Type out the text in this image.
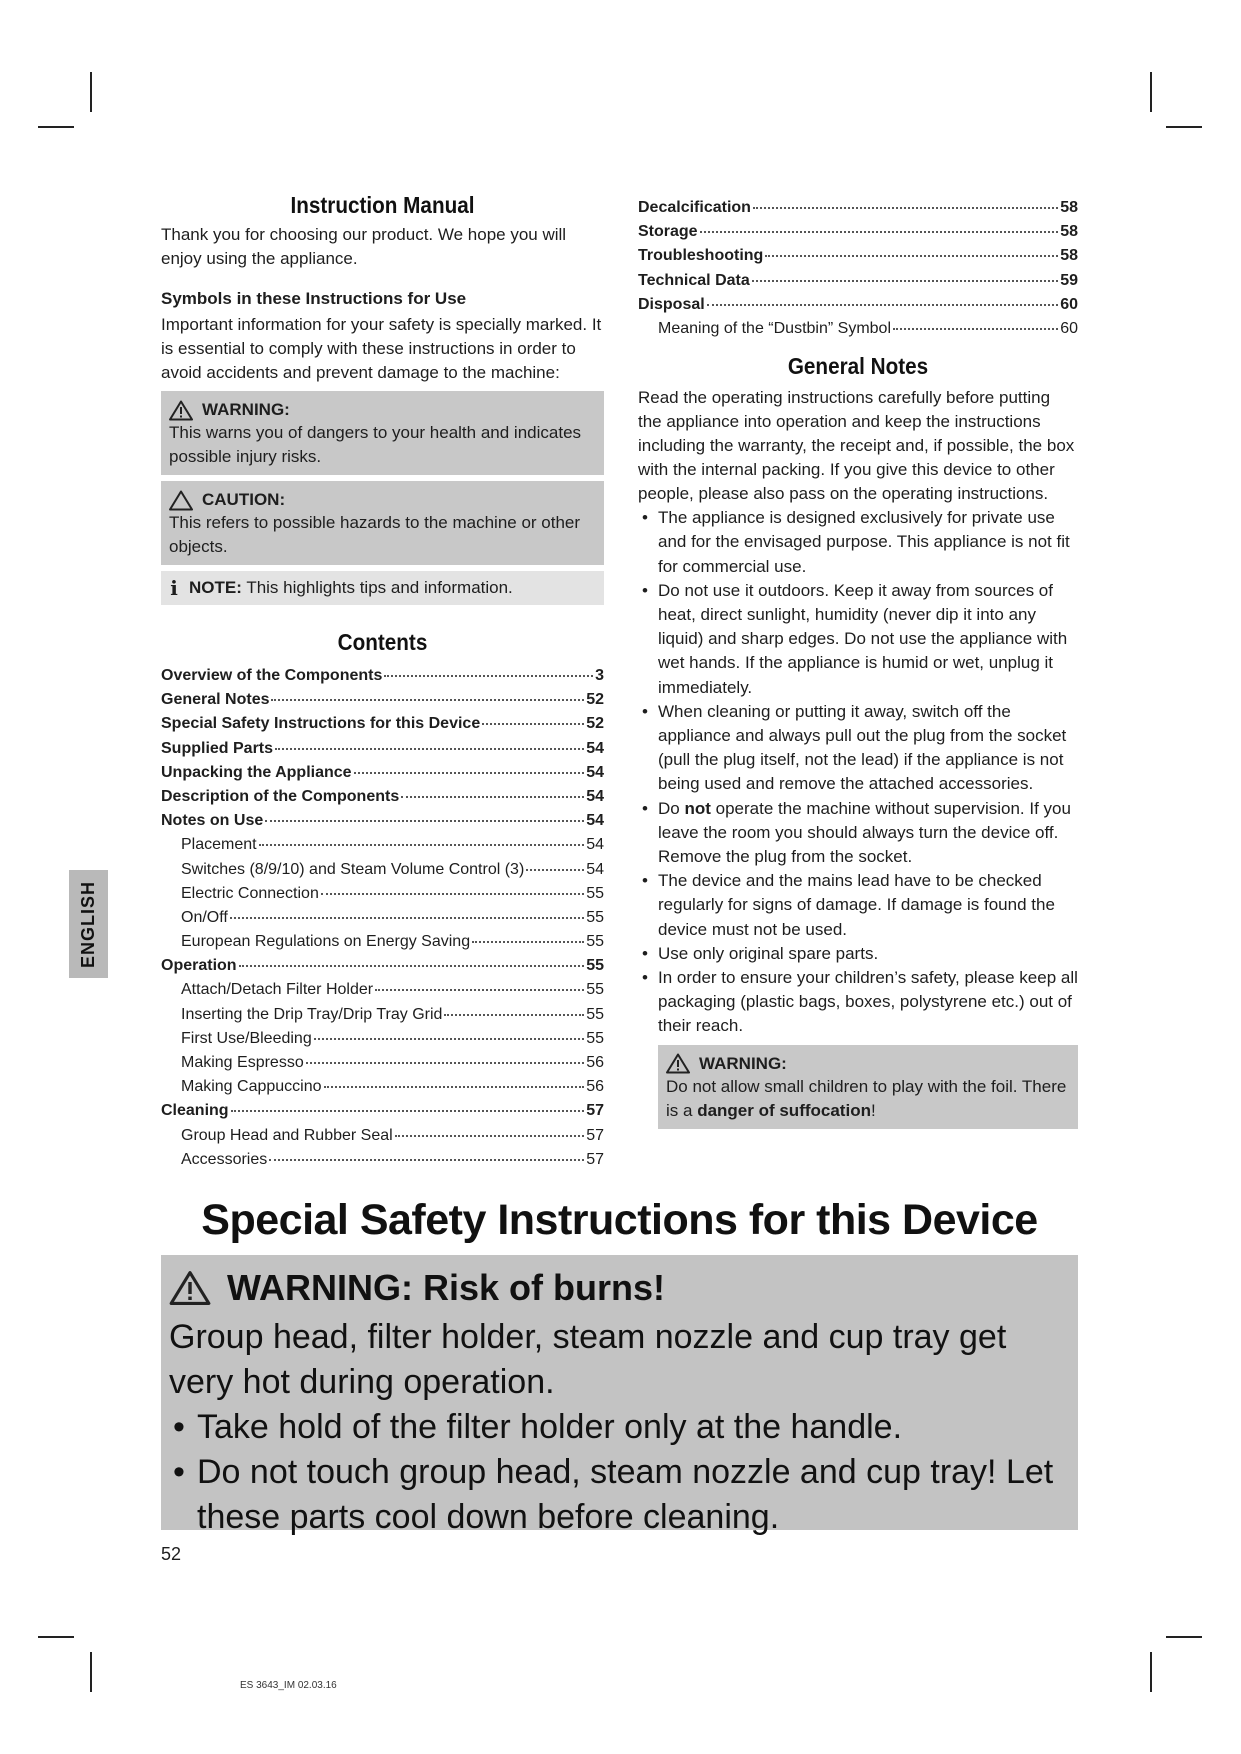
ENGLISH
Instruction Manual

Thank you for choosing our product. We hope you will enjoy using the appliance.

Symbols in these Instructions for Use

Important information for your safety is specially marked. It is essential to comply with these instructions in order to avoid accidents and prevent damage to the machine:

WARNING:
This warns you of dangers to your health and indicates possible injury risks.
CAUTION:
This refers to possible hazards to the machine or other objects.
i NOTE: This highlights tips and information.
Contents
Overview of the Components	3
General Notes	52
Special Safety Instructions for this Device	52
Supplied Parts	54
Unpacking the Appliance	54
Description of the Components	54
Notes on Use	54
Placement	54
Switches (8/9/10) and Steam Volume Control (3)	54
Electric Connection	55
On/Off	55
European Regulations on Energy Saving	55
Operation	55
Attach/Detach Filter Holder	55
Inserting the Drip Tray/Drip Tray Grid	55
First Use/Bleeding	55
Making Espresso	56
Making Cappuccino	56
Cleaning	57
Group Head and Rubber Seal	57
Accessories	57
Decalcification	58
Storage	58
Troubleshooting	58
Technical Data	59
Disposal	60
Meaning of the “Dustbin” Symbol	60
General Notes

Read the operating instructions carefully before putting the appliance into operation and keep the instructions including the warranty, the receipt and, if possible, the box with the internal packing. If you give this device to other people, please also pass on the operating instructions.

• The appliance is designed exclusively for private use and for the envisaged purpose. This appliance is not fit for commercial use.
• Do not use it outdoors. Keep it away from sources of heat, direct sunlight, humidity (never dip it into any liquid) and sharp edges. Do not use the appliance with wet hands. If the appliance is humid or wet, unplug it immediately.
• When cleaning or putting it away, switch off the appliance and always pull out the plug from the socket (pull the plug itself, not the lead) if the appliance is not being used and remove the attached accessories.
• Do not operate the machine without supervision. If you leave the room you should always turn the device off. Remove the plug from the socket.
• The device and the mains lead have to be checked regularly for signs of damage. If damage is found the device must not be used.
• Use only original spare parts.
• In order to ensure your children’s safety, please keep all packaging (plastic bags, boxes, polystyrene etc.) out of their reach.
WARNING:
Do not allow small children to play with the foil. There is a danger of suffocation!
Special Safety Instructions for this Device
WARNING: Risk of burns!
Group head, filter holder, steam nozzle and cup tray get very hot during operation.
• Take hold of the filter holder only at the handle.
• Do not touch group head, steam nozzle and cup tray! Let these parts cool down before cleaning.
52
ES 3643_IM 02.03.16
